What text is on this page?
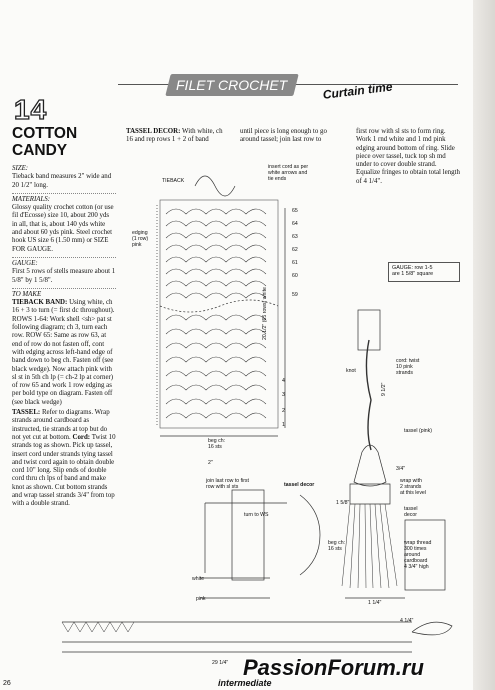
FILET CROCHET	Curtain time
14
COTTON
CANDY

SIZE:
Tieback band measures 2" wide and 20 1/2" long.

MATERIALS:
Glossy quality crochet cotton (or use fil d'Ecosse) size 10, about 200 yds in all, that is, about 140 yds white and about 60 yds pink. Steel crochet hook US size 6 (1.50 mm) or SIZE FOR GAUGE.

GAUGE:
First 5 rows of stells measure about 1 5/8" by 1 5/8".

TO MAKE
TIEBACK BAND: Using white, ch 16 + 3 to turn (= first dc throughout). ROWS 1-64: Work shell <sh> pat st following diagram; ch 3, turn each row. ROW 65: Same as row 63, at end of row do not fasten off, cont with edging across left-hand edge of band down to beg ch. Fasten off (see black wedge). Now attach pink with sl st in 5th ch lp (= ch-2 lp at corner) of row 65 and work 1 row edging as per bold type on diagram. Fasten off (see black wedge)

TASSEL: Refer to diagrams. Wrap strands around cardboard as instructed, tie strands at top but do not yet cut at bottom. Cord: Twist 10 strands tog as shown. Pick up tassel, insert cord under strands tying tassel and twist cord again to obtain double cord 10" long. Slip ends of double cord thru ch lps of band and make knot as shown. Cut bottom strands and wrap tassel strands 3/4" from top with a double strand.

TASSEL DECOR: With white, ch 16 and rep rows 1 + 2 of band
until piece is long enough to go around tassel; join last row to
first row with sl sts to form ring. Work 1 rnd white and 1 md pink edging around bottom of ring. Slide piece over tassel, tuck top sh md under to cover double strand. Equalize fringes to obtain total length of 4 1/4".
GAUGE: row 1-5
are 1 5/8" square
TIEBACK
insert cord as per
white arrows and
tie ends
edging
(1 row)
pink
65
64
63
62
61
60
59
4
3
2
1
beg ch:
16 sts
20 1/2" (65 rows) white
2"
knot
cord: twist
10 pink
strands
9 1/2"
tassel (pink)
3/4"
wrap with
2 strands
at this level
tassel
decor
wrap thread
300 times
around
cardboard
4 3/4" high
join last row to first
row with sl sts	tassel decor
turn to WS
beg ch:
16 sts
white
pink
1 5/8"
1 1/4"
4 1/4"
29 1/4" PassionForum.ru
intermediate
26
